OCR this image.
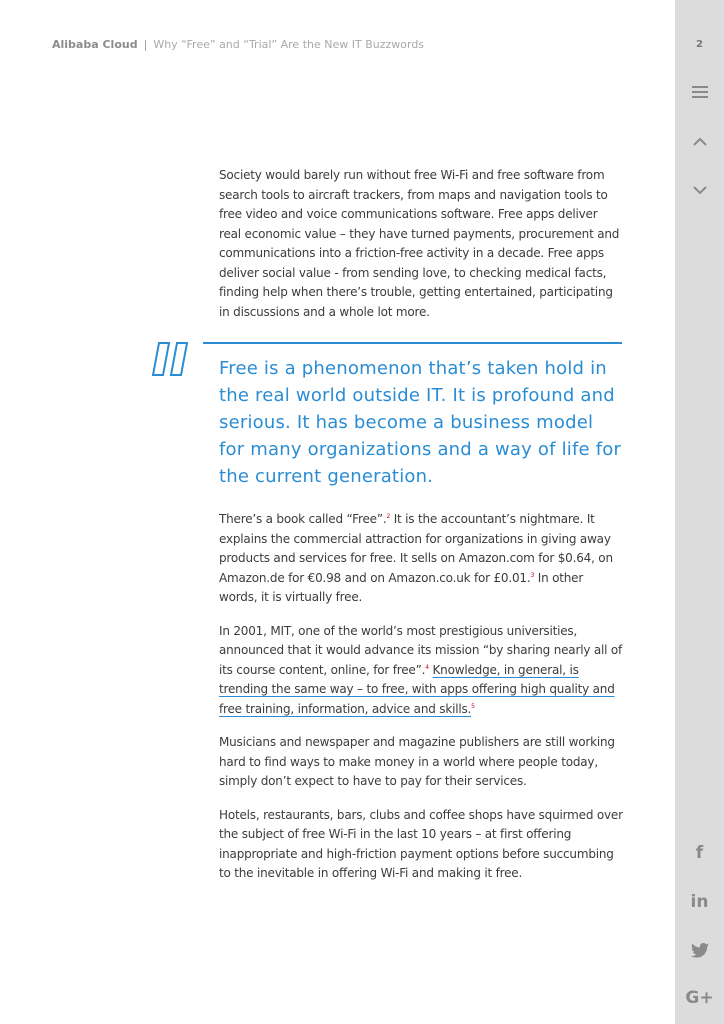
Alibaba Cloud | Why “Free” and “Trial” Are the New IT Buzzwords

Society would barely run without free Wi-Fi and free software from search tools to aircraft trackers, from maps and navigation tools to free video and voice communications software. Free apps deliver real economic value – they have turned payments, procurement and communications into a friction-free activity in a decade. Free apps deliver social value - from sending love, to checking medical facts, finding help when there’s trouble, getting entertained, participating in discussions and a whole lot more.

Free is a phenomenon that’s taken hold in the real world outside IT. It is profound and serious. It has become a business model for many organizations and a way of life for the current generation.

There’s a book called “Free”.$^2$ It is the accountant’s nightmare. It explains the commercial attraction for organizations in giving away products and services for free. It sells on Amazon.com for $0.64, on Amazon.de for €0.98 and on Amazon.co.uk for £0.01.$^3$ In other words, it is virtually free.

In 2001, MIT, one of the world’s most prestigious universities, announced that it would advance its mission “by sharing nearly all of its course content, online, for free”.$^4$ Knowledge, in general, is trending the same way – to free, with apps offering high quality and free training, information, advice and skills.$^5$

Musicians and newspaper and magazine publishers are still working hard to find ways to make money in a world where people today, simply don’t expect to have to pay for their services.

Hotels, restaurants, bars, clubs and coffee shops have squirmed over the subject of free Wi-Fi in the last 10 years – at first offering inappropriate and high-friction payment options before succumbing to the inevitable in offering Wi-Fi and making it free.

2
f
in
G+
